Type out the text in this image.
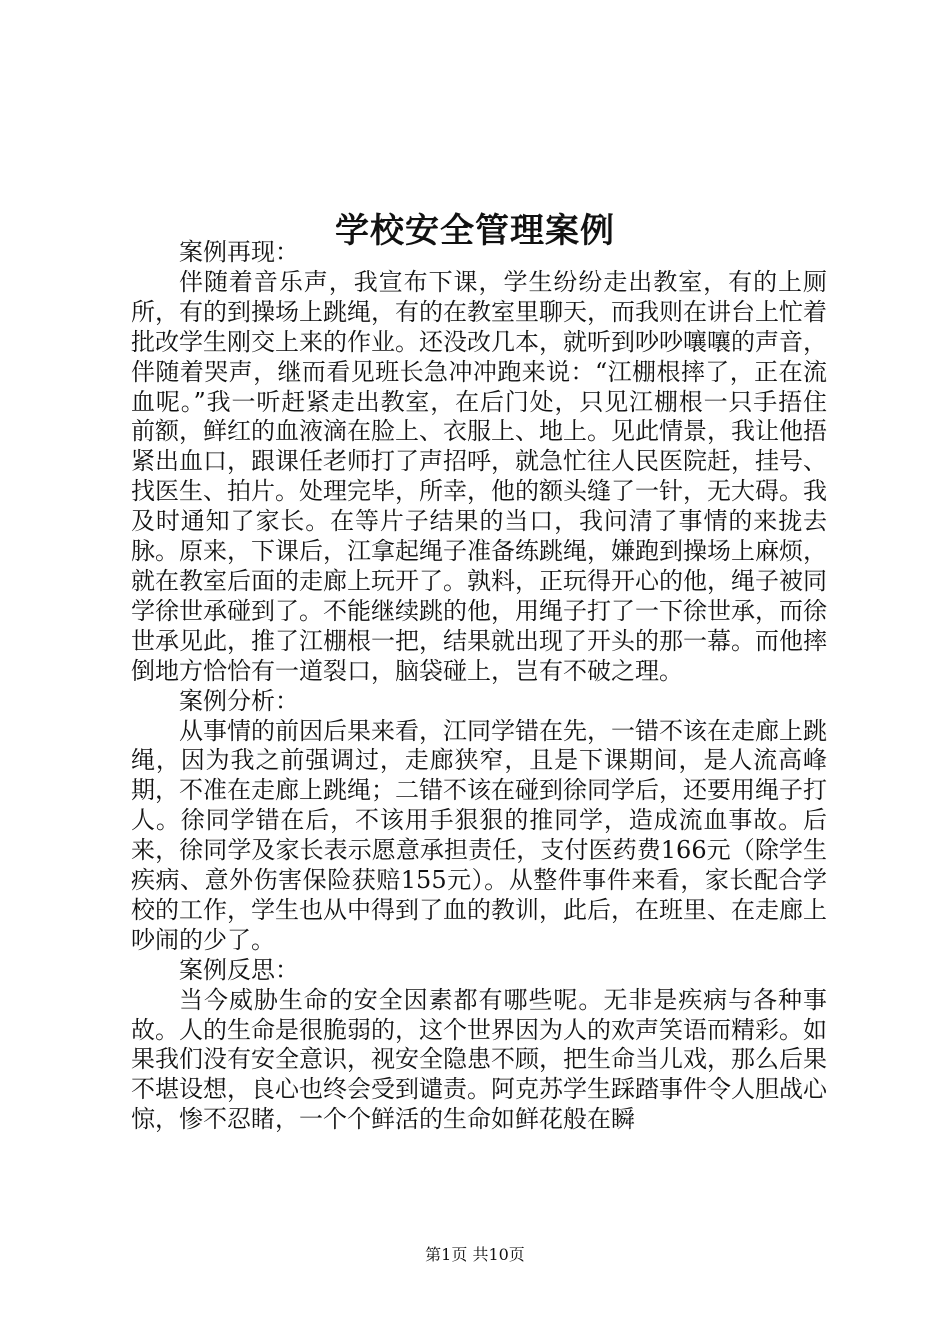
学校安全管理案例

案例再现：

伴随着音乐声，我宣布下课，学生纷纷走出教室，有的上厕所，有的到操场上跳绳，有的在教室里聊天，而我则在讲台上忙着批改学生刚交上来的作业。还没改几本，就听到吵吵嚷嚷的声音，伴随着哭声，继而看见班长急冲冲跑来说：“江棚根摔了，正在流血呢。”我一听赶紧走出教室，在后门处，只见江棚根一只手捂住前额，鲜红的血液滴在脸上、衣服上、地上。见此情景，我让他捂紧出血口，跟课任老师打了声招呼，就急忙往人民医院赶，挂号、找医生、拍片。处理完毕，所幸，他的额头缝了一针，无大碍。我及时通知了家长。在等片子结果的当口，我问清了事情的来拢去脉。原来，下课后，江拿起绳子准备练跳绳，嫌跑到操场上麻烦，就在教室后面的走廊上玩开了。孰料，正玩得开心的他，绳子被同学徐世承碰到了。不能继续跳的他，用绳子打了一下徐世承，而徐世承见此，推了江棚根一把，结果就出现了开头的那一幕。而他摔倒地方恰恰有一道裂口，脑袋碰上，岂有不破之理。

案例分析：

从事情的前因后果来看，江同学错在先，一错不该在走廊上跳绳，因为我之前强调过，走廊狭窄，且是下课期间，是人流高峰期，不准在走廊上跳绳；二错不该在碰到徐同学后，还要用绳子打人。徐同学错在后，不该用手狠狠的推同学，造成流血事故。后来，徐同学及家长表示愿意承担责任，支付医药费166元（除学生疾病、意外伤害保险获赔155元）。从整件事件来看，家长配合学校的工作，学生也从中得到了血的教训，此后，在班里、在走廊上吵闹的少了。

案例反思：

当今威胁生命的安全因素都有哪些呢。无非是疾病与各种事故。人的生命是很脆弱的，这个世界因为人的欢声笑语而精彩。如果我们没有安全意识，视安全隐患不顾，把生命当儿戏，那么后果不堪设想，良心也终会受到谴责。阿克苏学生踩踏事件令人胆战心惊，惨不忍睹，一个个鲜活的生命如鲜花般在瞬

第1页 共10页
